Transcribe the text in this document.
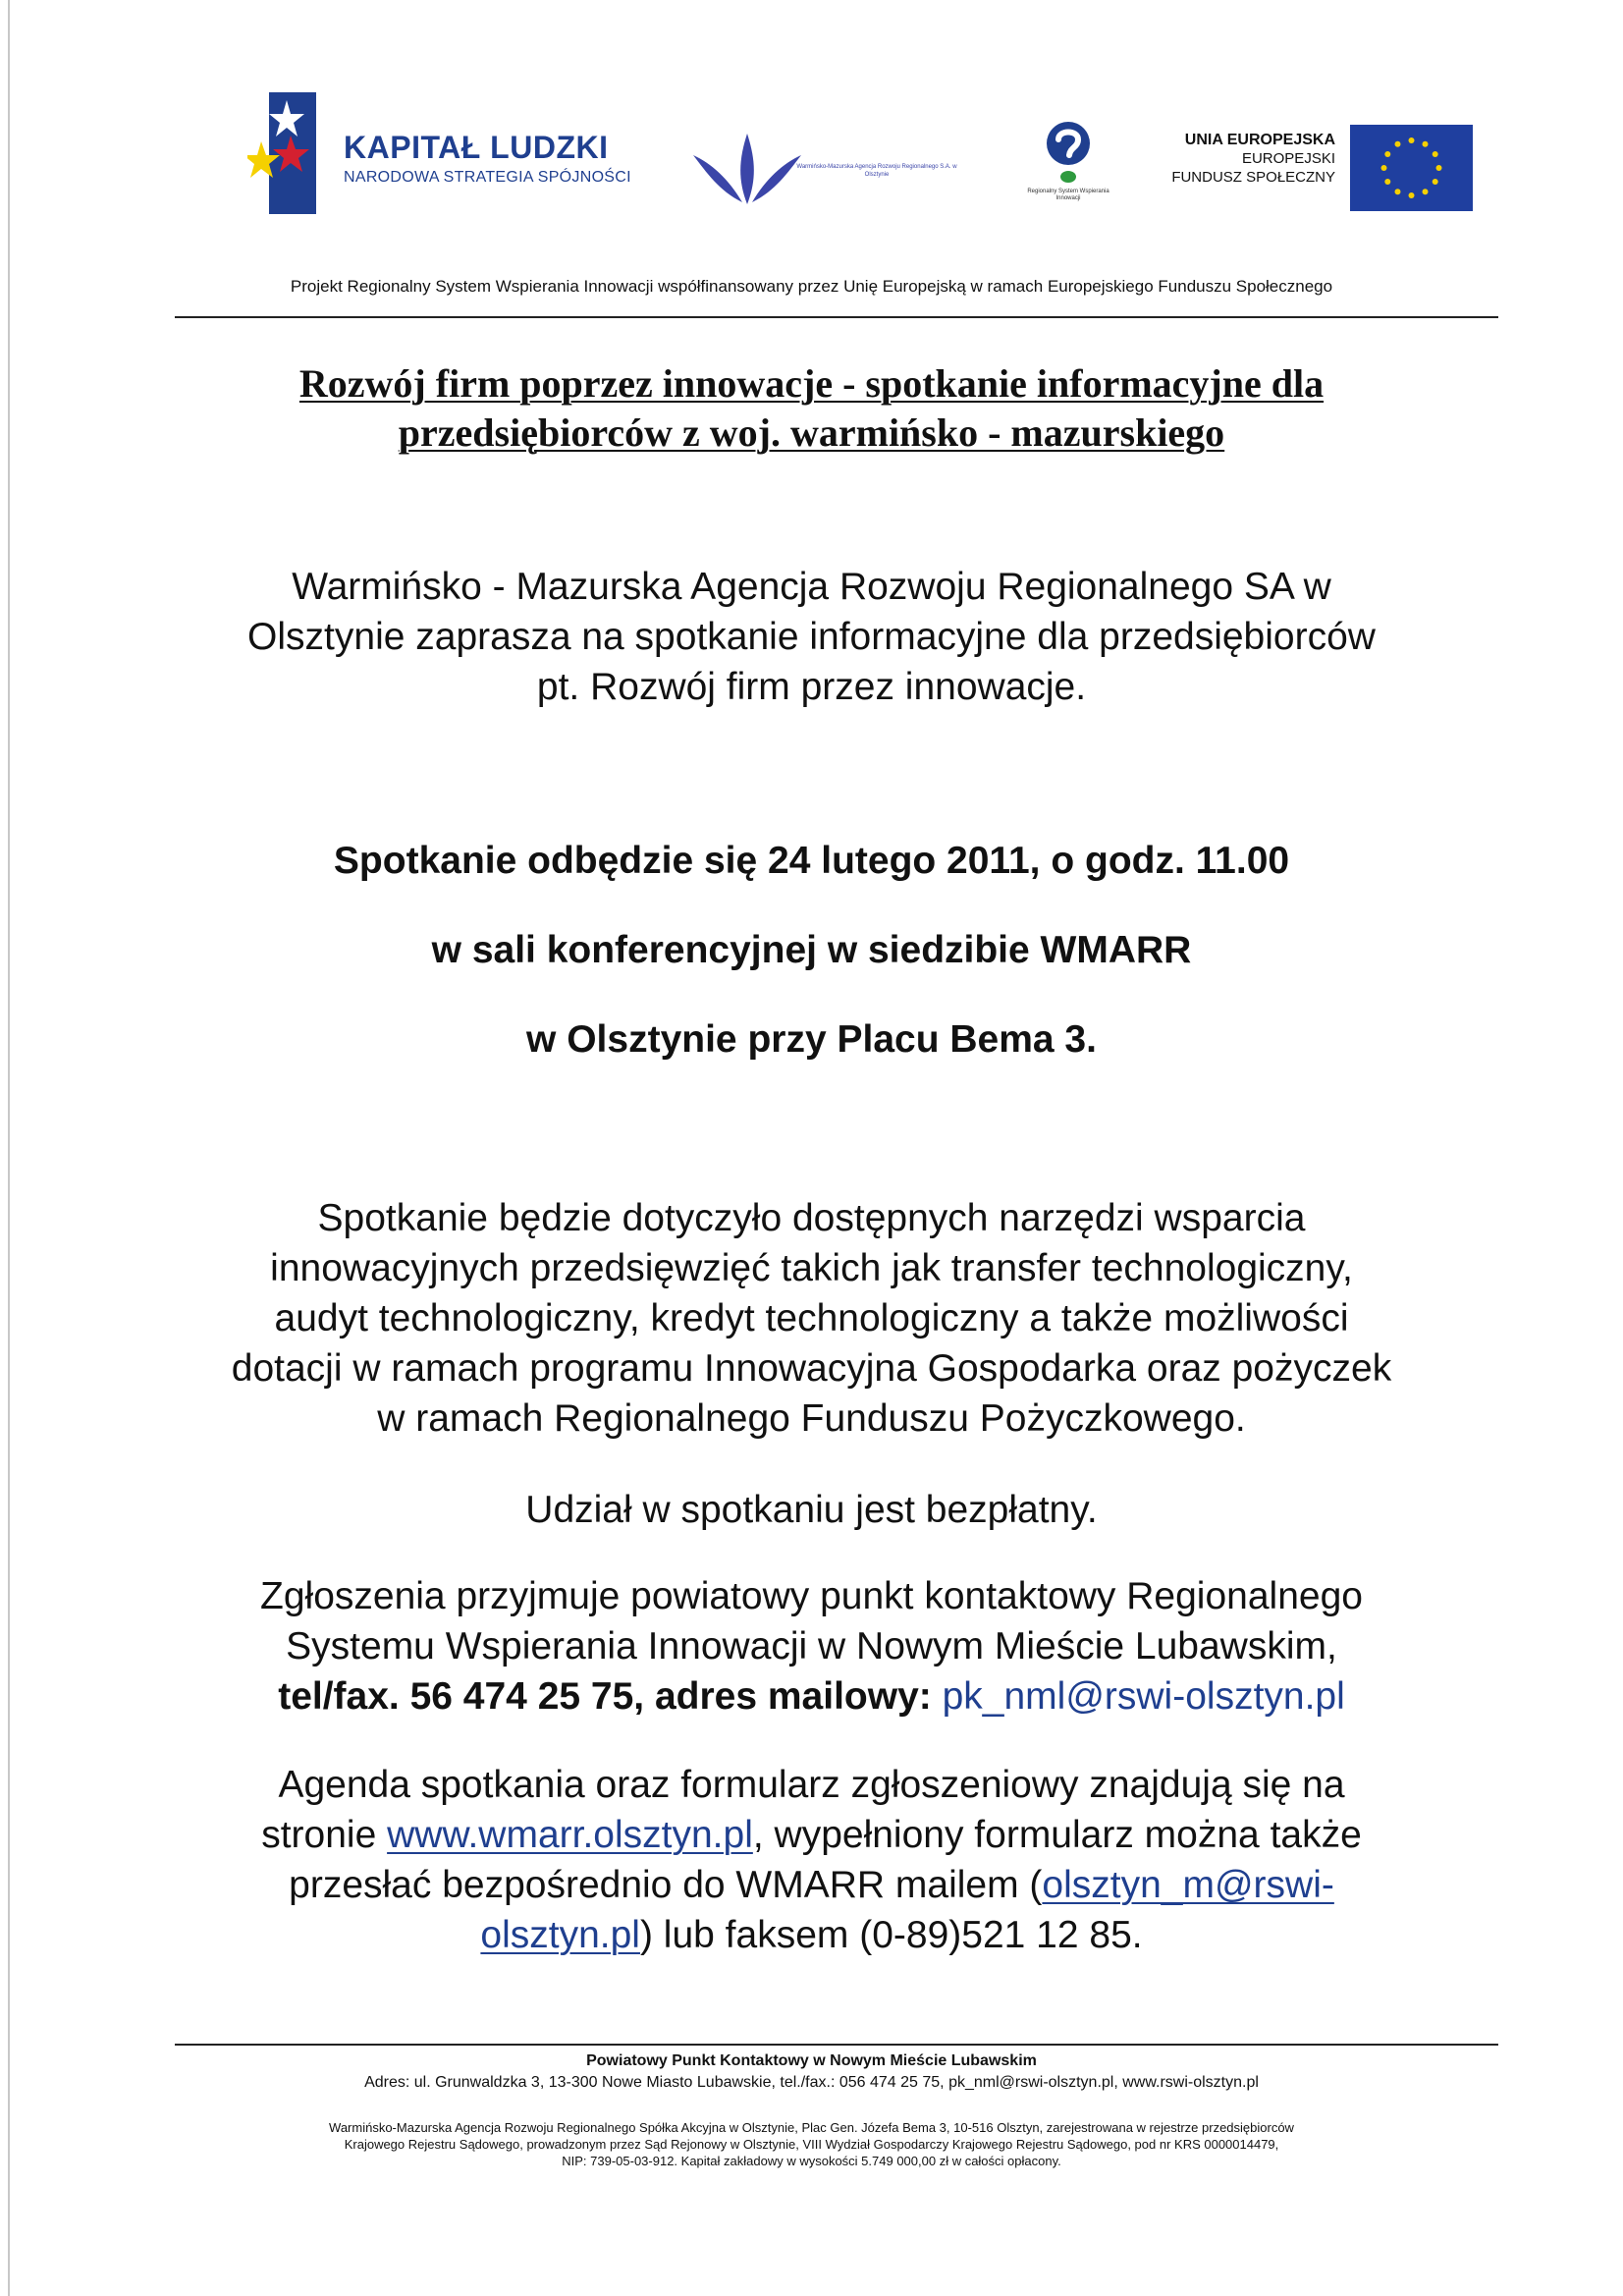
KAPITAŁ LUDZKI
NARODOWA STRATEGIA SPÓJNOŚCI
Warmińsko-Mazurska Agencja Rozwoju Regionalnego S.A. w Olsztynie
Regionalny System Wspierania Innowacji
UNIA EUROPEJSKA
EUROPEJSKI
FUNDUSZ SPOŁECZNY
Projekt Regionalny System Wspierania Innowacji współfinansowany przez Unię Europejską w ramach Europejskiego Funduszu Społecznego
Rozwój firm poprzez innowacje - spotkanie informacyjne dla
przedsiębiorców z woj. warmińsko - mazurskiego
Warmińsko - Mazurska Agencja Rozwoju Regionalnego SA w
Olsztynie zaprasza na spotkanie informacyjne dla przedsiębiorców
pt. Rozwój firm przez innowacje.
Spotkanie odbędzie się 24 lutego 2011, o godz. 11.00
w sali konferencyjnej w siedzibie WMARR
w Olsztynie przy Placu Bema 3.
Spotkanie będzie dotyczyło dostępnych narzędzi wsparcia
innowacyjnych przedsięwzięć takich jak transfer technologiczny,
audyt technologiczny, kredyt technologiczny a także możliwości
dotacji w ramach programu Innowacyjna Gospodarka oraz pożyczek
w ramach Regionalnego Funduszu Pożyczkowego.
Udział w spotkaniu jest bezpłatny.
Zgłoszenia przyjmuje powiatowy punkt kontaktowy Regionalnego
Systemu Wspierania Innowacji w Nowym Mieście Lubawskim,
tel/fax. 56 474 25 75, adres mailowy: pk_nml@rswi-olsztyn.pl
Agenda spotkania oraz formularz zgłoszeniowy znajdują się na
stronie www.wmarr.olsztyn.pl, wypełniony formularz można także
przesłać bezpośrednio do WMARR mailem (olsztyn_m@rswi-
olsztyn.pl) lub faksem (0-89)521 12 85.
Powiatowy Punkt Kontaktowy w Nowym Mieście Lubawskim
Adres: ul. Grunwaldzka 3, 13-300 Nowe Miasto Lubawskie, tel./fax.: 056 474 25 75, pk_nml@rswi-olsztyn.pl, www.rswi-olsztyn.pl
Warmińsko-Mazurska Agencja Rozwoju Regionalnego Spółka Akcyjna w Olsztynie, Plac Gen. Józefa Bema 3, 10-516 Olsztyn, zarejestrowana w rejestrze przedsiębiorców
Krajowego Rejestru Sądowego, prowadzonym przez Sąd Rejonowy w Olsztynie, VIII Wydział Gospodarczy Krajowego Rejestru Sądowego, pod nr KRS 0000014479,
NIP: 739-05-03-912. Kapitał zakładowy w wysokości 5.749 000,00 zł w całości opłacony.
